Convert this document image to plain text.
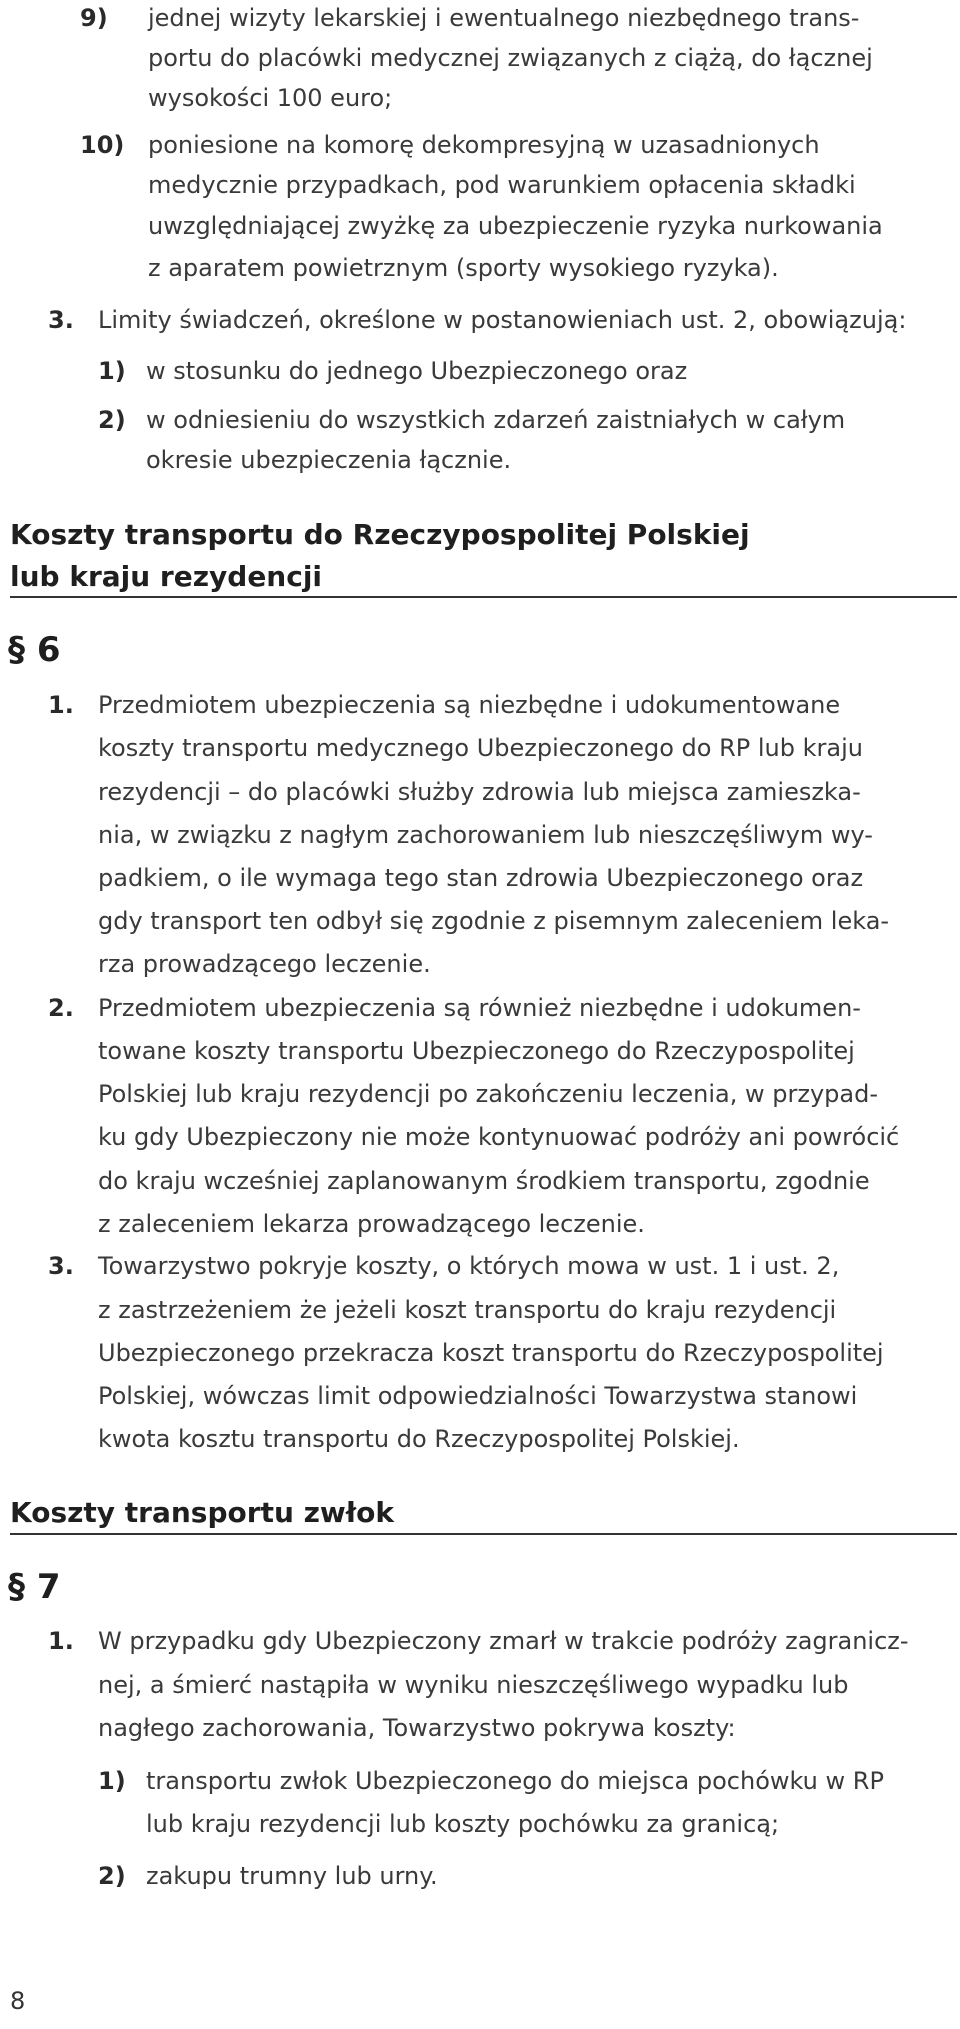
9) jednej wizyty lekarskiej i ewentualnego niezbędnego trans-
portu do placówki medycznej związanych z ciążą, do łącznej
wysokości 100 euro;
10) poniesione na komorę dekompresyjną w uzasadnionych
medycznie przypadkach, pod warunkiem opłacenia składki
uwzględniającej zwyżkę za ubezpieczenie ryzyka nurkowania
z aparatem powietrznym (sporty wysokiego ryzyka).
3. Limity świadczeń, określone w postanowieniach ust. 2, obowiązują:
1) w stosunku do jednego Ubezpieczonego oraz
2) w odniesieniu do wszystkich zdarzeń zaistniałych w całym
okresie ubezpieczenia łącznie.
Koszty transportu do Rzeczypospolitej Polskiej
lub kraju rezydencji
§ 6
1. Przedmiotem ubezpieczenia są niezbędne i udokumentowane
koszty transportu medycznego Ubezpieczonego do RP lub kraju
rezydencji – do placówki służby zdrowia lub miejsca zamieszka-
nia, w związku z nagłym zachorowaniem lub nieszczęśliwym wy-
padkiem, o ile wymaga tego stan zdrowia Ubezpieczonego oraz
gdy transport ten odbył się zgodnie z pisemnym zaleceniem leka-
rza prowadzącego leczenie.
2. Przedmiotem ubezpieczenia są również niezbędne i udokumen-
towane koszty transportu Ubezpieczonego do Rzeczypospolitej
Polskiej lub kraju rezydencji po zakończeniu leczenia, w przypad-
ku gdy Ubezpieczony nie może kontynuować podróży ani powrócić
do kraju wcześniej zaplanowanym środkiem transportu, zgodnie
z zaleceniem lekarza prowadzącego leczenie.
3. Towarzystwo pokryje koszty, o których mowa w ust. 1 i ust. 2,
z zastrzeżeniem że jeżeli koszt transportu do kraju rezydencji
Ubezpieczonego przekracza koszt transportu do Rzeczypospolitej
Polskiej, wówczas limit odpowiedzialności Towarzystwa stanowi
kwota kosztu transportu do Rzeczypospolitej Polskiej.
Koszty transportu zwłok
§ 7
1. W przypadku gdy Ubezpieczony zmarł w trakcie podróży zagranicz-
nej, a śmierć nastąpiła w wyniku nieszczęśliwego wypadku lub
nagłego zachorowania, Towarzystwo pokrywa koszty:
1) transportu zwłok Ubezpieczonego do miejsca pochówku w RP
lub kraju rezydencji lub koszty pochówku za granicą;
2) zakupu trumny lub urny.
8
